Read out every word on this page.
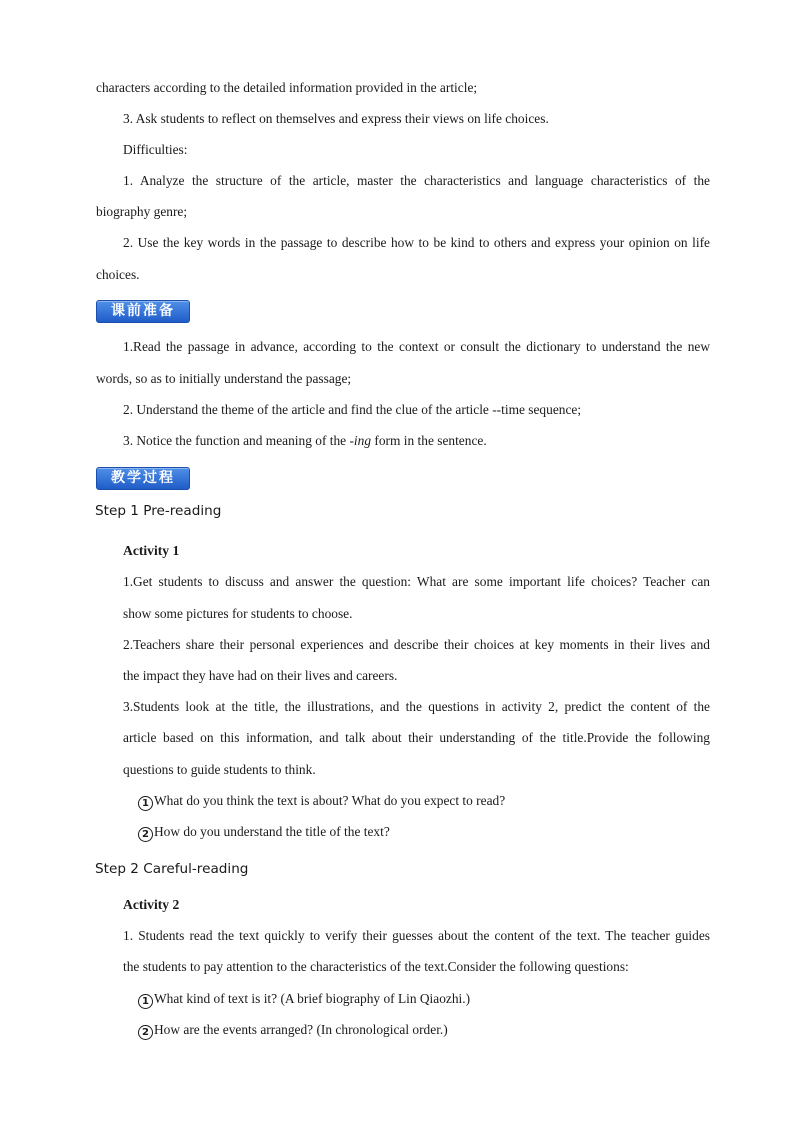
characters according to the detailed information provided in the article;
3. Ask students to reflect on themselves and express their views on life choices.
Difficulties:
1. Analyze the structure of the article, master the characteristics and language characteristics of the
biography genre;
2. Use the key words in the passage to describe how to be kind to others and express your opinion on life
choices.
课前准备
1.Read the passage in advance, according to the context or consult the dictionary to understand the new
words, so as to initially understand the passage;
2. Understand the theme of the article and find the clue of the article --time sequence;
3. Notice the function and meaning of the -ing form in the sentence.
教学过程
Step 1 Pre-reading
Activity 1
1.Get students to discuss and answer the question: What are some important life choices? Teacher can
show some pictures for students to choose.
2.Teachers share their personal experiences and describe their choices at key moments in their lives and
the impact they have had on their lives and careers.
3.Students look at the title, the illustrations, and the questions in activity 2, predict the content of the
article based on this information, and talk about their understanding of the title.Provide the following
questions to guide students to think.
1 What do you think the text is about? What do you expect to read?
2 How do you understand the title of the text?
Step 2 Careful-reading
Activity 2
1. Students read the text quickly to verify their guesses about the content of the text. The teacher guides
the students to pay attention to the characteristics of the text.Consider the following questions:
1 What kind of text is it? (A brief biography of Lin Qiaozhi.)
2 How are the events arranged? (In chronological order.)
